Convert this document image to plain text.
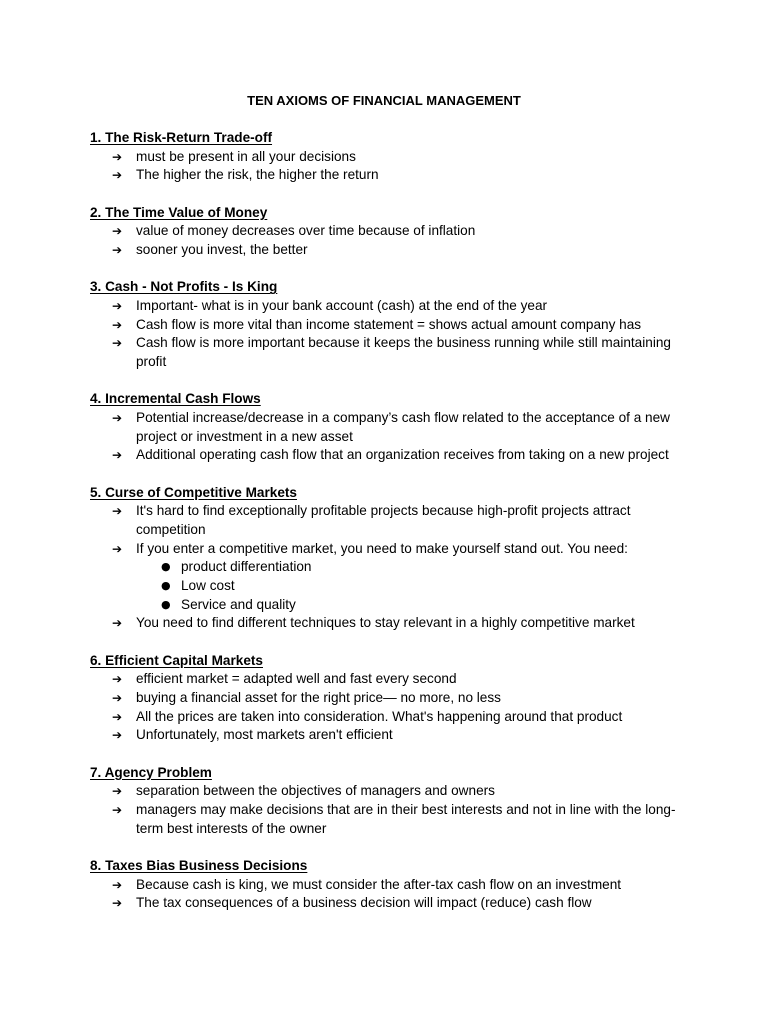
TEN AXIOMS OF FINANCIAL MANAGEMENT
1. The Risk-Return Trade-off
➔ must be present in all your decisions
➔ The higher the risk, the higher the return
2. The Time Value of Money
➔ value of money decreases over time because of inflation
➔ sooner you invest, the better
3. Cash - Not Profits - Is King
➔ Important- what is in your bank account (cash) at the end of the year
➔ Cash flow is more vital than income statement = shows actual amount company has
➔ Cash flow is more important because it keeps the business running while still maintaining profit
4. Incremental Cash Flows
➔ Potential increase/decrease in a company’s cash flow related to the acceptance of a new project or investment in a new asset
➔ Additional operating cash flow that an organization receives from taking on a new project
5. Curse of Competitive Markets
➔ It's hard to find exceptionally profitable projects because high-profit projects attract competition
➔ If you enter a competitive market, you need to make yourself stand out. You need:
● product differentiation
● Low cost
● Service and quality
➔ You need to find different techniques to stay relevant in a highly competitive market
6. Efficient Capital Markets
➔ efficient market = adapted well and fast every second
➔ buying a financial asset for the right price— no more, no less
➔ All the prices are taken into consideration. What's happening around that product
➔ Unfortunately, most markets aren't efficient
7. Agency Problem
➔ separation between the objectives of managers and owners
➔ managers may make decisions that are in their best interests and not in line with the long-term best interests of the owner
8. Taxes Bias Business Decisions
➔ Because cash is king, we must consider the after-tax cash flow on an investment
➔ The tax consequences of a business decision will impact (reduce) cash flow
